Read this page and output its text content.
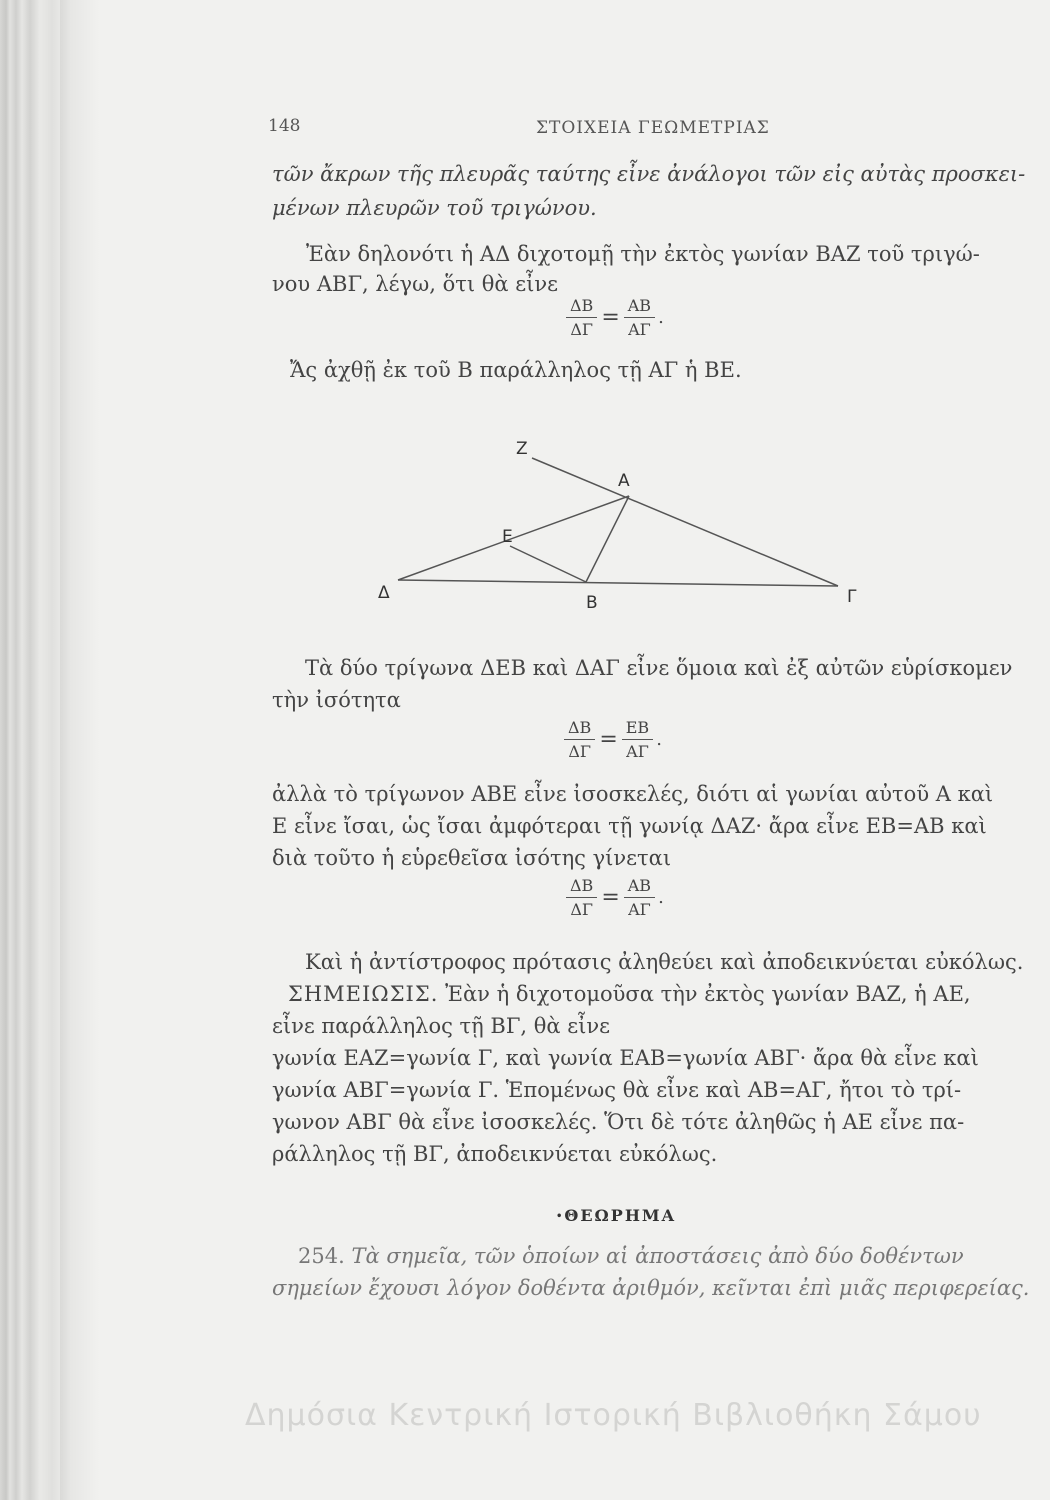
148	ΣΤΟΙΧΕΙΑ ΓΕΩΜΕΤΡΙΑΣ
τῶν ἄκρων τῆς πλευρᾶς ταύτης εἶνε ἀνάλογοι τῶν εἰς αὐτὰς προσκει-
μένων πλευρῶν τοῦ τριγώνου.
Ἐὰν δηλονότι ἡ ΑΔ διχοτομῇ τὴν ἐκτὸς γωνίαν ΒΑΖ τοῦ τριγώ-
νου ΑΒΓ, λέγω, ὅτι θὰ εἶνε
$\frac{\Delta B}{\Delta\Gamma} = \frac{AB}{A\Gamma}$ .
Ἄς ἀχθῇ ἐκ τοῦ Β παράλληλος τῇ ΑΓ ἡ ΒΕ.
Z
A
E
Δ	B	Γ
Τὰ δύο τρίγωνα ΔΕΒ καὶ ΔΑΓ εἶνε ὅμοια καὶ ἐξ αὐτῶν εὑρίσκομεν
τὴν ἰσότητα
$\frac{\Delta B}{\Delta\Gamma} = \frac{EB}{A\Gamma}$ .
ἀλλὰ τὸ τρίγωνον ΑΒΕ εἶνε ἰσοσκελές, διότι αἱ γωνίαι αὐτοῦ Α καὶ
Ε εἶνε ἴσαι, ὡς ἴσαι ἀμφότεραι τῇ γωνίᾳ ΔΑΖ· ἄρα εἶνε ΕΒ=ΑΒ καὶ
διὰ τοῦτο ἡ εὑρεθεῖσα ἰσότης γίνεται
$\frac{\Delta B}{\Delta\Gamma} = \frac{AB}{A\Gamma}$ .
Καὶ ἡ ἀντίστροφος πρότασις ἀληθεύει καὶ ἀποδεικνύεται εὐκόλως.
ΣΗΜΕΙΩΣΙΣ. Ἐὰν ἡ διχοτομοῦσα τὴν ἐκτὸς γωνίαν ΒΑΖ, ἡ ΑΕ,
εἶνε παράλληλος τῇ ΒΓ, θὰ εἶνε
γωνία ΕΑΖ=γωνία Γ, καὶ γωνία ΕΑΒ=γωνία ΑΒΓ· ἄρα θὰ εἶνε καὶ
γωνία ΑΒΓ=γωνία Γ. Ἑπομένως θὰ εἶνε καὶ ΑΒ=ΑΓ, ἤτοι τὸ τρί-
γωνον ΑΒΓ θὰ εἶνε ἰσοσκελές. Ὅτι δὲ τότε ἀληθῶς ἡ ΑΕ εἶνε πα-
ράλληλος τῇ ΒΓ, ἀποδεικνύεται εὐκόλως.
•ΘΕΩΡΗΜΑ
254. Τὰ σημεῖα, τῶν ὁποίων αἱ ἀποστάσεις ἀπὸ δύο δοθέντων
σημείων ἔχουσι λόγον δοθέντα ἀριθμόν, κεῖνται ἐπὶ μιᾶς περιφερείας.
Δημόσια Κεντρική Ιστορική Βιβλιοθήκη Σάμου
